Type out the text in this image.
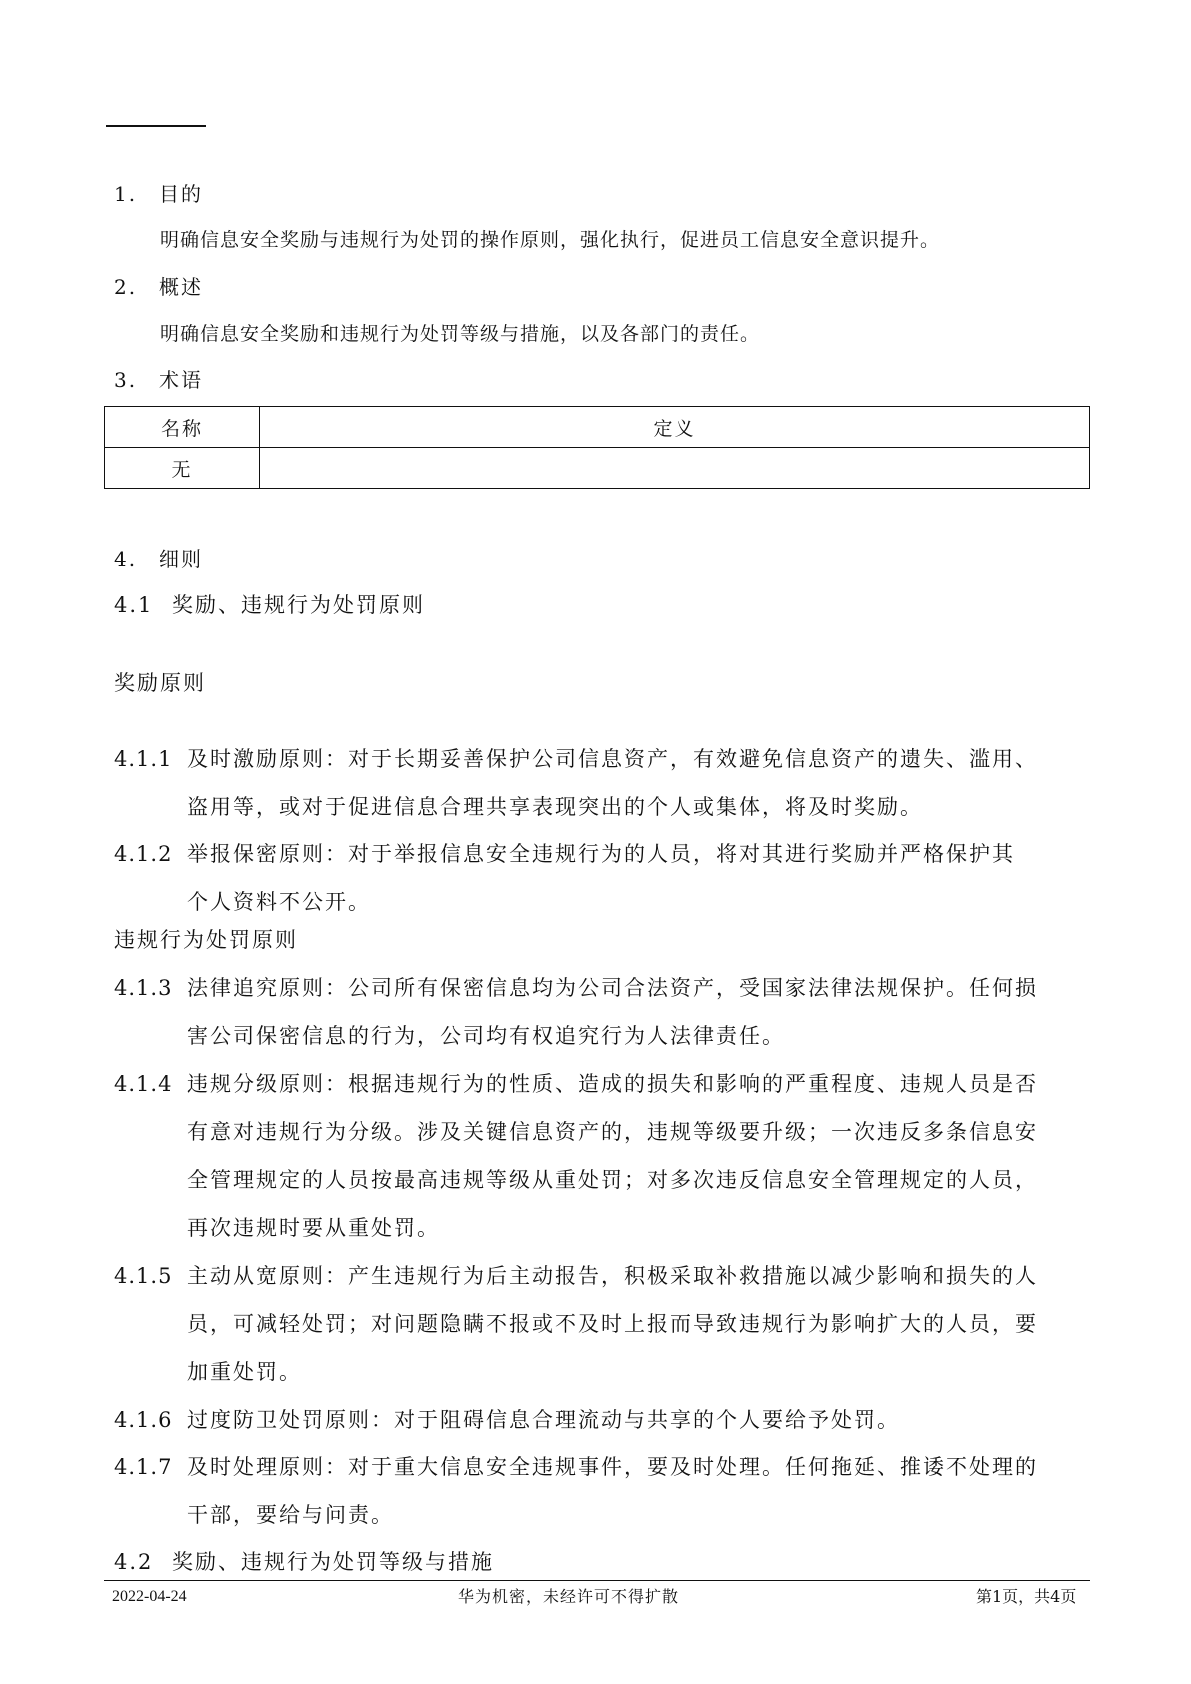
1. 目的
明确信息安全奖励与违规行为处罚的操作原则，强化执行，促进员工信息安全意识提升。
2. 概述
明确信息安全奖励和违规行为处罚等级与措施，以及各部门的责任。
3. 术语
名称	定义
无	
4. 细则
4.1 奖励、违规行为处罚原则
奖励原则
4.1.1 及时激励原则：对于长期妥善保护公司信息资产，有效避免信息资产的遗失、滥用、
盗用等，或对于促进信息合理共享表现突出的个人或集体，将及时奖励。
4.1.2 举报保密原则：对于举报信息安全违规行为的人员，将对其进行奖励并严格保护其
个人资料不公开。
违规行为处罚原则
4.1.3 法律追究原则：公司所有保密信息均为公司合法资产，受国家法律法规保护。任何损
害公司保密信息的行为，公司均有权追究行为人法律责任。
4.1.4 违规分级原则：根据违规行为的性质、造成的损失和影响的严重程度、违规人员是否
有意对违规行为分级。涉及关键信息资产的，违规等级要升级；一次违反多条信息安
全管理规定的人员按最高违规等级从重处罚；对多次违反信息安全管理规定的人员，
再次违规时要从重处罚。
4.1.5 主动从宽原则：产生违规行为后主动报告，积极采取补救措施以减少影响和损失的人
员，可减轻处罚；对问题隐瞒不报或不及时上报而导致违规行为影响扩大的人员，要
加重处罚。
4.1.6 过度防卫处罚原则：对于阻碍信息合理流动与共享的个人要给予处罚。
4.1.7 及时处理原则：对于重大信息安全违规事件，要及时处理。任何拖延、推诿不处理的
干部，要给与问责。
4.2 奖励、违规行为处罚等级与措施
2022-04-24	华为机密，未经许可不得扩散	第1页，共4页
